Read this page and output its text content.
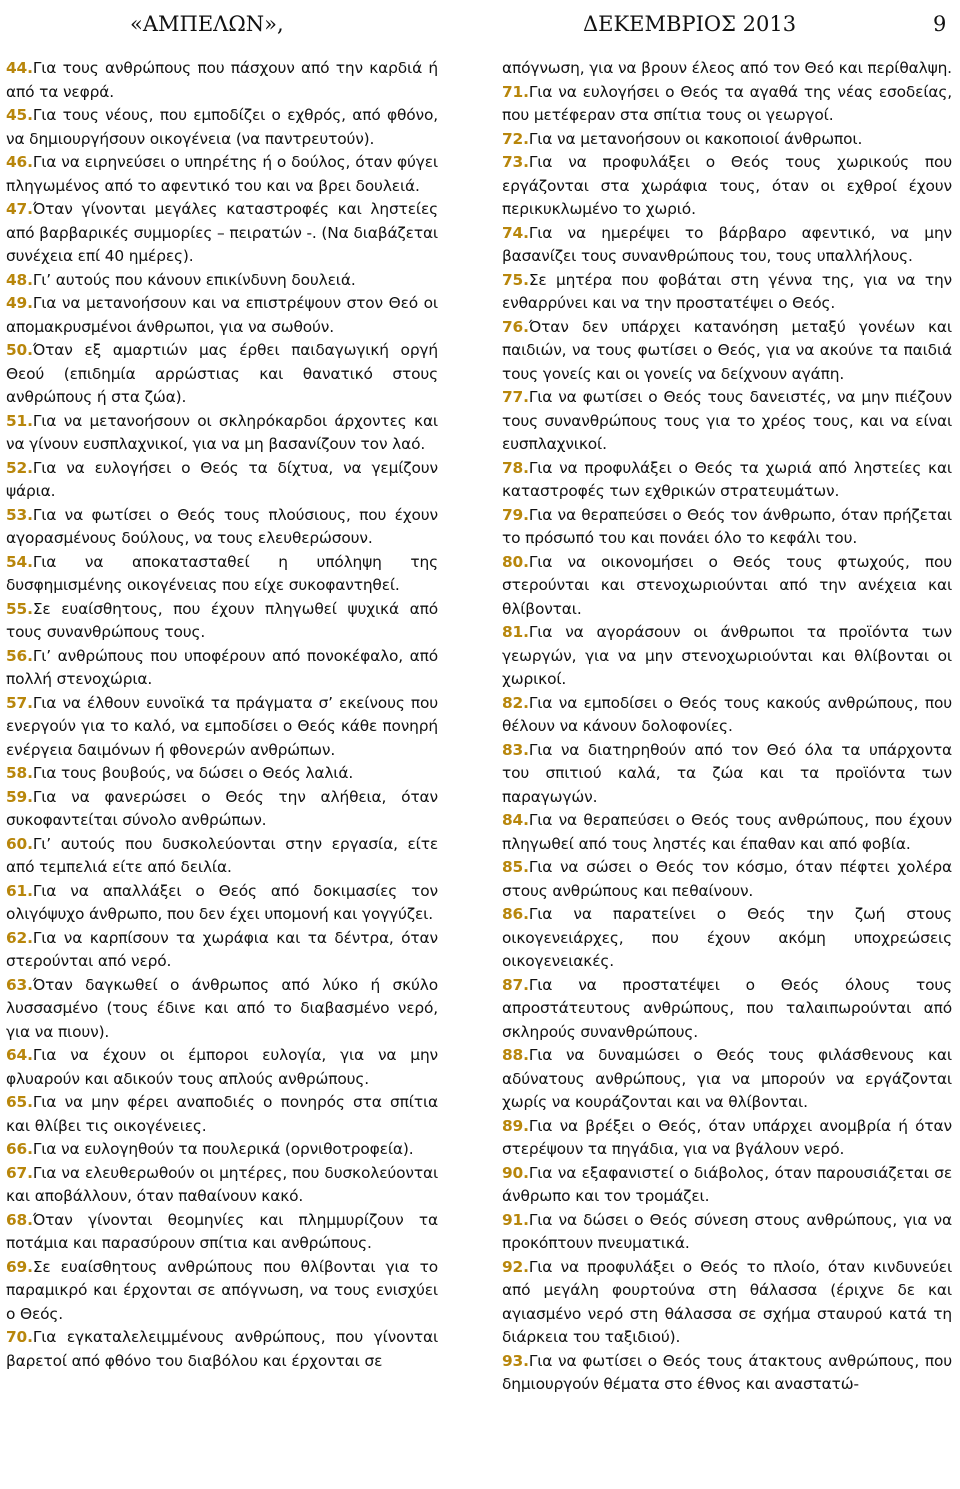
«ΑΜΠΕΛΩΝ»,	ΔΕΚΕΜΒΡΙΟΣ 2013	9

44.Για τους ανθρώπους που πάσχουν από την καρδιά ή από τα νεφρά.

45.Για τους νέους, που εμποδίζει ο εχθρός, από φθόνο, να δημιουργήσουν οικογένεια (να παντρευτούν).

46.Για να ειρηνεύσει ο υπηρέτης ή ο δούλος, όταν φύγει πληγωμένος από το αφεντικό του και να βρει δουλειά.

47.Όταν γίνονται μεγάλες καταστροφές και ληστείες από βαρβαρικές συμμορίες – πειρατών -. (Να διαβάζεται συνέχεια επί 40 ημέρες).

48.Γι’ αυτούς που κάνουν επικίνδυνη δουλειά.

49.Για να μετανοήσουν και να επιστρέψουν στον Θεό οι απομακρυσμένοι άνθρωποι, για να σωθούν.

50.Όταν εξ αμαρτιών μας έρθει παιδαγωγική οργή Θεού (επιδημία αρρώστιας και θανατικό στους ανθρώπους ή στα ζώα).

51.Για να μετανοήσουν οι σκληρόκαρδοι άρχοντες και να γίνουν ευσπλαχνικοί, για να μη βασανίζουν τον λαό.

52.Για να ευλογήσει ο Θεός τα δίχτυα, να γεμίζουν ψάρια.

53.Για να φωτίσει ο Θεός τους πλούσιους, που έχουν αγορασμένους δούλους, να τους ελευθερώσουν.

54.Για να αποκατασταθεί η υπόληψη της δυσφημισμένης οικογένειας που είχε συκοφαντηθεί.

55.Σε ευαίσθητους, που έχουν πληγωθεί ψυχικά από τους συνανθρώπους τους.

56.Γι’ ανθρώπους που υποφέρουν από πονοκέφαλο, από πολλή στενοχώρια.

57.Για να έλθουν ευνοϊκά τα πράγματα σ’ εκείνους που ενεργούν για το καλό, να εμποδίσει ο Θεός κάθε πονηρή ενέργεια δαιμόνων ή φθονερών ανθρώπων.

58.Για τους βουβούς, να δώσει ο Θεός λαλιά.

59.Για να φανερώσει ο Θεός την αλήθεια, όταν συκοφαντείται σύνολο ανθρώπων.

60.Γι’ αυτούς που δυσκολεύονται στην εργασία, είτε από τεμπελιά είτε από δειλία.

61.Για να απαλλάξει ο Θεός από δοκιμασίες τον ολιγόψυχο άνθρωπο, που δεν έχει υπομονή και γογγύζει.

62.Για να καρπίσουν τα χωράφια και τα δέντρα, όταν στερούνται από νερό.

63.Όταν δαγκωθεί ο άνθρωπος από λύκο ή σκύλο λυσσασμένο (τους έδινε και από το διαβασμένο νερό, για να πιουν).

64.Για να έχουν οι έμποροι ευλογία, για να μην φλυαρούν και αδικούν τους απλούς ανθρώπους.

65.Για να μην φέρει αναποδιές ο πονηρός στα σπίτια και θλίβει τις οικογένειες.

66.Για να ευλογηθούν τα πουλερικά (ορνιθοτροφεία).

67.Για να ελευθερωθούν οι μητέρες, που δυσκολεύονται και αποβάλλουν, όταν παθαίνουν κακό.

68.Όταν γίνονται θεομηνίες και πλημμυρίζουν τα ποτάμια και παρασύρουν σπίτια και ανθρώπους.

69.Σε ευαίσθητους ανθρώπους που θλίβονται για το παραμικρό και έρχονται σε απόγνωση, να τους ενισχύει ο Θεός.

70.Για εγκαταλελειμμένους ανθρώπους, που γίνονται βαρετοί από φθόνο του διαβόλου και έρχονται σε

απόγνωση, για να βρουν έλεος από τον Θεό και περίθαλψη.

71.Για να ευλογήσει ο Θεός τα αγαθά της νέας εσοδείας, που μετέφεραν στα σπίτια τους οι γεωργοί.

72.Για να μετανοήσουν οι κακοποιοί άνθρωποι.

73.Για να προφυλάξει ο Θεός τους χωρικούς που εργάζονται στα χωράφια τους, όταν οι εχθροί έχουν περικυκλωμένο το χωριό.

74.Για να ημερέψει το βάρβαρο αφεντικό, να μην βασανίζει τους συνανθρώπους του, τους υπαλλήλους.

75.Σε μητέρα που φοβάται στη γέννα της, για να την ενθαρρύνει και να την προστατέψει ο Θεός.

76.Όταν δεν υπάρχει κατανόηση μεταξύ γονέων και παιδιών, να τους φωτίσει ο Θεός, για να ακούνε τα παιδιά τους γονείς και οι γονείς να δείχνουν αγάπη.

77.Για να φωτίσει ο Θεός τους δανειστές, να μην πιέζουν τους συνανθρώπους τους για το χρέος τους, και να είναι ευσπλαχνικοί.

78.Για να προφυλάξει ο Θεός τα χωριά από ληστείες και καταστροφές των εχθρικών στρατευμάτων.

79.Για να θεραπεύσει ο Θεός τον άνθρωπο, όταν πρήζεται το πρόσωπό του και πονάει όλο το κεφάλι του.

80.Για να οικονομήσει ο Θεός τους φτωχούς, που στερούνται και στενοχωριούνται από την ανέχεια και θλίβονται.

81.Για να αγοράσουν οι άνθρωποι τα προϊόντα των γεωργών, για να μην στενοχωριούνται και θλίβονται οι χωρικοί.

82.Για να εμποδίσει ο Θεός τους κακούς ανθρώπους, που θέλουν να κάνουν δολοφονίες.

83.Για να διατηρηθούν από τον Θεό όλα τα υπάρχοντα του σπιτιού καλά, τα ζώα και τα προϊόντα των παραγωγών.

84.Για να θεραπεύσει ο Θεός τους ανθρώπους, που έχουν πληγωθεί από τους ληστές και έπαθαν και από φοβία.

85.Για να σώσει ο Θεός τον κόσμο, όταν πέφτει χολέρα στους ανθρώπους και πεθαίνουν.

86.Για να παρατείνει ο Θεός την ζωή στους οικογενειάρχες, που έχουν ακόμη υποχρεώσεις οικογενειακές.

87.Για να προστατέψει ο Θεός όλους τους απροστάτευτους ανθρώπους, που ταλαιπωρούνται από σκληρούς συνανθρώπους.

88.Για να δυναμώσει ο Θεός τους φιλάσθενους και αδύνατους ανθρώπους, για να μπορούν να εργάζονται χωρίς να κουράζονται και να θλίβονται.

89.Για να βρέξει ο Θεός, όταν υπάρχει ανομβρία ή όταν στερέψουν τα πηγάδια, για να βγάλουν νερό.

90.Για να εξαφανιστεί ο διάβολος, όταν παρουσιάζεται σε άνθρωπο και τον τρομάζει.

91.Για να δώσει ο Θεός σύνεση στους ανθρώπους, για να προκόπτουν πνευματικά.

92.Για να προφυλάξει ο Θεός το πλοίο, όταν κινδυνεύει από μεγάλη φουρτούνα στη θάλασσα (έριχνε δε και αγιασμένο νερό στη θάλασσα σε σχήμα σταυρού κατά τη διάρκεια του ταξιδιού).

93.Για να φωτίσει ο Θεός τους άτακτους ανθρώπους, που δημιουργούν θέματα στο έθνος και αναστατώ-
